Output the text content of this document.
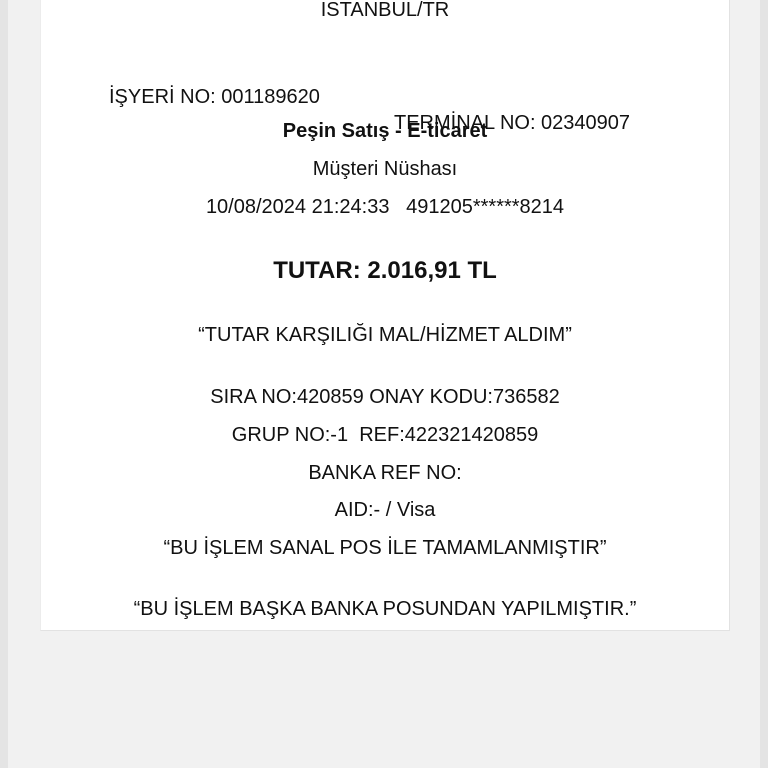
İSTANBUL/TR

İŞYERİ NO: 001189620

TERMİNAL NO: 02340907

Peşin Satış - E-ticaret
Müşteri Nüshası
10/08/2024 21:24:33   491205******8214
TUTAR: 2.016,91 TL
“TUTAR KARŞILIĞI MAL/HİZMET ALDIM”
SIRA NO:420859 ONAY KODU:736582
GRUP NO:-1  REF:422321420859
BANKA REF NO:
AID:- / Visa
“BU İŞLEM SANAL POS İLE TAMAMLANMIŞTIR”
“BU İŞLEM BAŞKA BANKA POSUNDAN YAPILMIŞTIR.”
